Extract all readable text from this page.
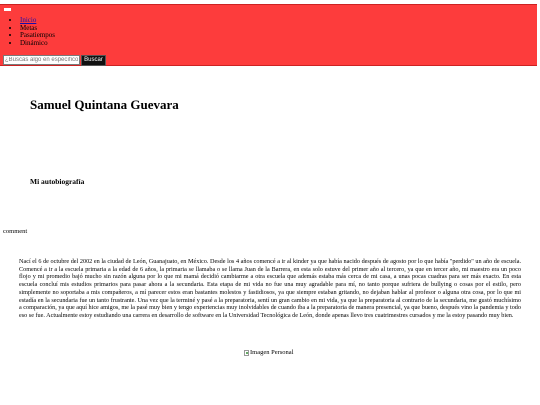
• Inicio
• Metas
• Pasatiempos
• Dinámico
¿Buscas algo en específico?
Buscar
Samuel Quintana Guevara
Mi autobiografía
comment

Nací el 6 de octubre del 2002 en la ciudad de León, Guanajuato, en México. Desde los 4 años comencé a ir al kinder ya que había nacido después de agosto por lo que había "perdido" un año de escuela. Comencé a ir a la escuela primaria a la edad de 6 años, la primaria se llamaba o se llama Juan de la Barrera, en esta solo estuve del primer año al tercero, ya que en tercer año, mi maestro era un poco flojo y mi promedio bajó mucho sin razón alguna por lo que mi mamá decidió cambiarme a otra escuela que además estaba más cerca de mi casa, a unas pocas cuadras para ser más exacto. En esta escuela concluí mis estudios primarios para pasar ahora a la secundaria. Esta etapa de mi vida no fue una muy agradable para mí, no tanto porque sufriera de bullying o cosas por el estilo, pero simplemente no soportaba a mis compañeros, a mí parecer estos eran bastantes molestos y fastidiosos, ya que siempre estaban gritando, no dejaban hablar al profesor o alguna otra cosa, por lo que mi estadía en la secundaria fue un tanto frustrante. Una vez que la terminé y pasé a la preparatoria, sentí un gran cambio en mi vida, ya que la preparatoria al contrario de la secundaria, me gustó muchísimo a comparación, ya que aquí hice amigos, me la pasé muy bien y tengo experiencias muy inolvidables de cuando iba a la preparatoria de manera presencial, ya que bueno, después vino la pandemia y todo eso se fue. Actualmente estoy estudiando una carrera en desarrollo de software en la Universidad Tecnológica de León, donde apenas llevo tres cuatrimestres cursados y me la estoy pasando muy bien.

Imagen Personal
